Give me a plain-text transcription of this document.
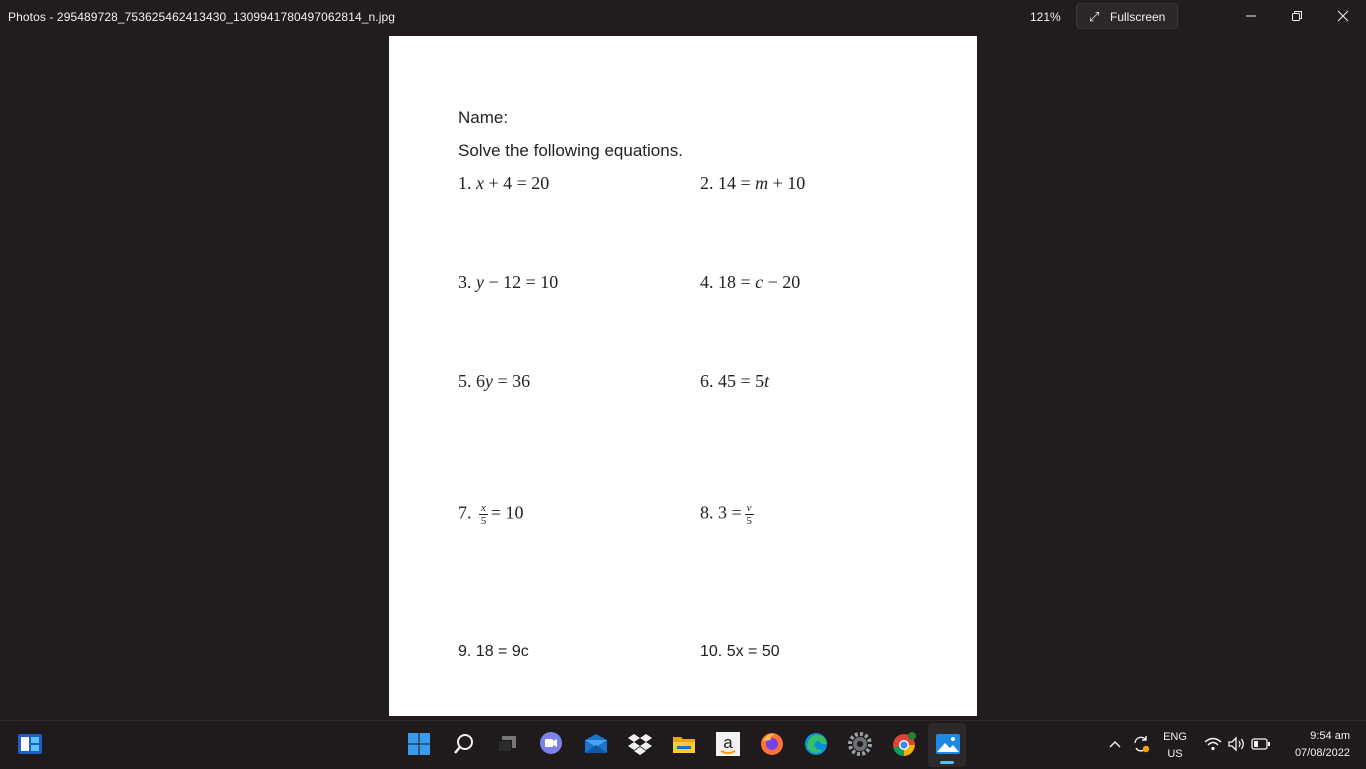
Photos - 295489728_753625462413430_1309941780497062814_n.jpg	121% ⤢ Fullscreen
Name:
Solve the following equations.
1. x + 4 = 20	2. 14 = m + 10
3. y − 12 = 10	4. 18 = c − 20
5. 6y = 36	6. 45 = 5t
7. $\frac{x}{5} = 10$	8. $3 = \frac{v}{5}$
9. 18 = 9c	10. 5x = 50
a	ENG
US
9:54 am
07/08/2022
